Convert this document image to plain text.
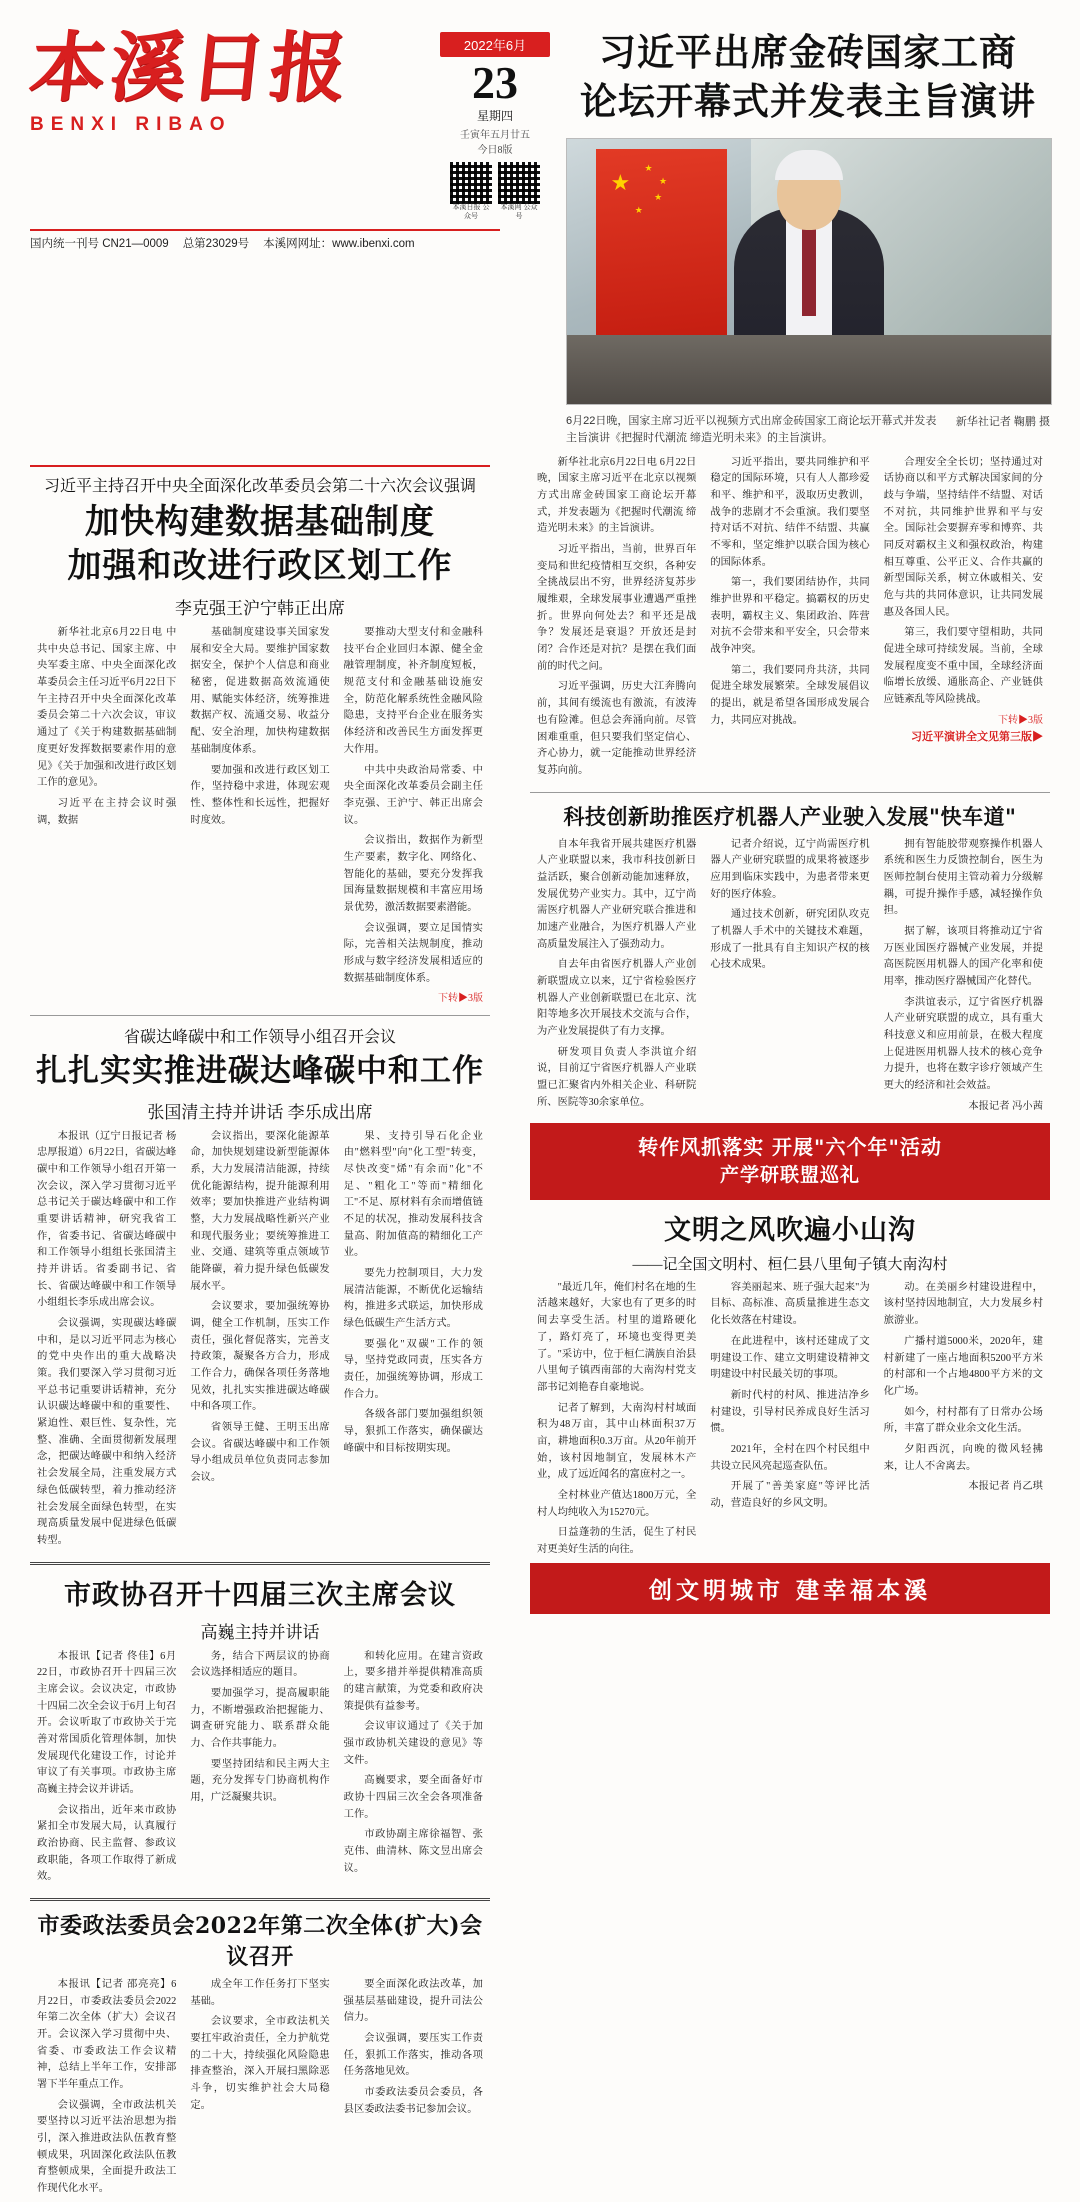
本溪日报
BENXI RIBAO
2022年6月
23
星期四
壬寅年五月廿五
今日8版
本溪日报 公众号
本溪网 公众号
国内统一刊号 CN21—0009 总第23029号 本溪网网址：www.ibenxi.com
习近平出席金砖国家工商
论坛开幕式并发表主旨演讲
★
★
★
★
★
6月22日晚，国家主席习近平以视频方式出席金砖国家工商论坛开幕式并发表主旨演讲《把握时代潮流 缔造光明未来》的主旨演讲。
新华社记者 鞠鹏 摄
习近平主持召开中央全面深化改革委员会第二十六次会议强调
加快构建数据基础制度
加强和改进行政区划工作
李克强王沪宁韩正出席

新华社北京6月22日电 中共中央总书记、国家主席、中央军委主席、中央全面深化改革委员会主任习近平6月22日下午主持召开中央全面深化改革委员会第二十六次会议，审议通过了《关于构建数据基础制度更好发挥数据要素作用的意见》《关于加强和改进行政区划工作的意见》。

习近平在主持会议时强调，数据

基础制度建设事关国家发展和安全大局。要维护国家数据安全，保护个人信息和商业秘密，促进数据高效流通使用、赋能实体经济，统筹推进数据产权、流通交易、收益分配、安全治理，加快构建数据基础制度体系。

要加强和改进行政区划工作，坚持稳中求进，体现宏观性、整体性和长远性，把握好时度效。

要推动大型支付和金融科技平台企业回归本源、健全金融管理制度，补齐制度短板，规范支付和金融基础设施安全，防范化解系统性金融风险隐患，支持平台企业在服务实体经济和改善民生方面发挥更大作用。

中共中央政治局常委、中央全面深化改革委员会副主任李克强、王沪宁、韩正出席会议。

会议指出，数据作为新型生产要素，数字化、网络化、智能化的基础，要充分发挥我国海量数据规模和丰富应用场景优势，激活数据要素潜能。

会议强调，要立足国情实际，完善相关法规制度，推动形成与数字经济发展相适应的数据基础制度体系。

下转▶3版
省碳达峰碳中和工作领导小组召开会议
扎扎实实推进碳达峰碳中和工作
张国清主持并讲话 李乐成出席

本报讯（辽宁日报记者 杨忠厚报道）6月22日，省碳达峰碳中和工作领导小组召开第一次会议，深入学习贯彻习近平总书记关于碳达峰碳中和工作重要讲话精神，研究我省工作，省委书记、省碳达峰碳中和工作领导小组组长张国清主持并讲话。省委副书记、省长、省碳达峰碳中和工作领导小组组长李乐成出席会议。

会议强调，实现碳达峰碳中和，是以习近平同志为核心的党中央作出的重大战略决策。我们要深入学习贯彻习近平总书记重要讲话精神，充分认识碳达峰碳中和的重要性、紧迫性、艰巨性、复杂性，完整、准确、全面贯彻新发展理念，把碳达峰碳中和纳入经济社会发展全局，注重发展方式绿色低碳转型，着力推动经济社会发展全面绿色转型，在实现高质量发展中促进绿色低碳转型。

会议指出，要深化能源革命，加快规划建设新型能源体系，大力发展清洁能源，持续优化能源结构，提升能源利用效率；要加快推进产业结构调整，大力发展战略性新兴产业和现代服务业；要统筹推进工业、交通、建筑等重点领域节能降碳，着力提升绿色低碳发展水平。

会议要求，要加强统筹协调，健全工作机制，压实工作责任，强化督促落实，完善支持政策，凝聚各方合力，形成工作合力，确保各项任务落地见效，扎扎实实推进碳达峰碳中和各项工作。

省领导王健、王明玉出席会议。省碳达峰碳中和工作领导小组成员单位负责同志参加会议。

果、支持引导石化企业由"燃料型"向"化工型"转变，尽快改变"烯"有余而"化"不足、"粗化工"等而"精细化工"不足、原材料有余而增值链不足的状况，推动发展科技含量高、附加值高的精细化工产业。

要先力控制项目，大力发展清洁能源，不断优化运输结构，推进多式联运，加快形成绿色低碳生产生活方式。

要强化"双碳"工作的领导，坚持党政同责，压实各方责任，加强统筹协调，形成工作合力。

各级各部门要加强组织领导，狠抓工作落实，确保碳达峰碳中和目标按期实现。

市政协召开十四届三次主席会议
高巍主持并讲话

本报讯【记者 佟佳】6月22日，市政协召开十四届三次主席会议。会议决定，市政协十四届二次全会议于6月上旬召开。会议听取了市政协关于完善对常国质化管理体制，加快发展现代化建设工作，讨论并审议了有关事项。市政协主席高巍主持会议并讲话。

会议指出，近年来市政协紧扣全市发展大局，认真履行政治协商、民主监督、参政议政职能，各项工作取得了新成效。

务，结合下两层议的协商会议选择相适应的题目。

要加强学习，提高履职能力，不断增强政治把握能力、调查研究能力、联系群众能力、合作共事能力。

要坚持团结和民主两大主题，充分发挥专门协商机构作用，广泛凝聚共识。

和转化应用。在建言资政上，要多措并举提供精准高质的建言献策，为党委和政府决策提供有益参考。

会议审议通过了《关于加强市政协机关建设的意见》等文件。

高巍要求，要全面备好市政协十四届三次全会各项准备工作。

市政协副主席徐福智、张克伟、曲清林、陈文昱出席会议。

市委政法委员会2022年第二次全体(扩大)会议召开

本报讯【记者 邵亮亮】6月22日，市委政法委员会2022年第二次全体（扩大）会议召开。会议深入学习贯彻中央、省委、市委政法工作会议精神，总结上半年工作，安排部署下半年重点工作。

会议强调，全市政法机关要坚持以习近平法治思想为指引，深入推进政法队伍教育整顿成果，巩固深化政法队伍教育整顿成果，全面提升政法工作现代化水平。

成全年工作任务打下坚实基础。

会议要求，全市政法机关要扛牢政治责任，全力护航党的二十大，持续强化风险隐患排查整治，深入开展扫黑除恶斗争，切实维护社会大局稳定。

要全面深化政法改革，加强基层基础建设，提升司法公信力。

会议强调，要压实工作责任，狠抓工作落实，推动各项任务落地见效。

市委政法委员会委员，各县区委政法委书记参加会议。

新华社北京6月22日电 6月22日晚，国家主席习近平在北京以视频方式出席金砖国家工商论坛开幕式，并发表题为《把握时代潮流 缔造光明未来》的主旨演讲。

习近平指出，当前，世界百年变局和世纪疫情相互交织，各种安全挑战层出不穷，世界经济复苏步履维艰，全球发展事业遭遇严重挫折。世界向何处去？和平还是战争？发展还是衰退？开放还是封闭？合作还是对抗？是摆在我们面前的时代之问。

习近平强调，历史大江奔腾向前，其间有缓流也有激流，有波涛也有险滩。但总会奔涌向前。尽管困难重重，但只要我们坚定信心、齐心协力，就一定能推动世界经济复苏向前。

习近平指出，要共同维护和平稳定的国际环境，只有人人都珍爱和平、维护和平，汲取历史教训，战争的悲剧才不会重演。我们要坚持对话不对抗、结伴不结盟、共赢不零和，坚定维护以联合国为核心的国际体系。

第一，我们要团结协作，共同维护世界和平稳定。搞霸权的历史表明，霸权主义、集团政治、阵营对抗不会带来和平安全，只会带来战争冲突。

第二，我们要同舟共济，共同促进全球发展繁荣。全球发展倡议的提出，就是希望各国形成发展合力，共同应对挑战。

合理安全全长切；坚持通过对话协商以和平方式解决国家间的分歧与争端，坚持结伴不结盟、对话不对抗，共同维护世界和平与安全。国际社会要摒弃零和博弈、共同反对霸权主义和强权政治，构建相互尊重、公平正义、合作共赢的新型国际关系，树立休戚相关、安危与共的共同体意识，让共同发展惠及各国人民。

第三，我们要守望相助，共同促进全球可持续发展。当前，全球发展程度变不重中国，全球经济面临增长放缓、通胀高企、产业链供应链紊乱等风险挑战。

下转▶3版
习近平演讲全文见第三版▶
科技创新助推医疗机器人产业驶入发展"快车道"

自本年我省开展共建医疗机器人产业联盟以来，我市科技创新日益活跃，聚合创新动能加速释放，发展优势产业实力。其中，辽宁尚需医疗机器人产业研究联合推进和加速产业融合，为医疗机器人产业高质量发展注入了强劲动力。

自去年由省医疗机器人产业创新联盟成立以来，辽宁省检验医疗机器人产业创新联盟已在北京、沈阳等地多次开展技术交流与合作，为产业发展提供了有力支撑。

研发项目负责人李洪谊介绍说，目前辽宁省医疗机器人产业联盟已汇聚省内外相关企业、科研院所、医院等30余家单位。

记者介绍说，辽宁尚需医疗机器人产业研究联盟的成果将被逐步应用到临床实践中，为患者带来更好的医疗体验。

通过技术创新，研究团队攻克了机器人手术中的关键技术难题，形成了一批具有自主知识产权的核心技术成果。

拥有智能胶带观察操作机器人系统和医生力反馈控制台，医生为医师控制台使用主管动着力分级解耦，可提升操作手感，减轻操作负担。

据了解，该项目将推动辽宁省万医业国医疗器械产业发展，并提高医院医用机器人的国产化率和使用率，推动医疗器械国产化替代。

李洪谊表示，辽宁省医疗机器人产业研究联盟的成立，具有重大科技意义和应用前景，在极大程度上促进医用机器人技术的核心竞争力提升，也将在数字诊疗领域产生更大的经济和社会效益。

本报记者 冯小茜
转作风抓落实 开展"六个年"活动
产学研联盟巡礼
文明之风吹遍小山沟
——记全国文明村、桓仁县八里甸子镇大南沟村

"最近几年，俺们村名在地的生活越来越好，大家也有了更多的时间去享受生活。村里的道路硬化了，路灯亮了，环境也变得更美了。"采访中，位于桓仁满族自治县八里甸子镇西南部的大南沟村党支部书记刘艳春自豪地说。

记者了解到，大南沟村村域面积为48万亩，其中山林面积37万亩，耕地面积0.3万亩。从20年前开始，该村因地制宜，发展林木产业，成了远近闻名的富庶村之一。

全村林业产值达1800万元，全村人均纯收入为15270元。

日益蓬勃的生活，促生了村民对更美好生活的向往。

容美丽起来、班子强大起来"为目标、高标准、高质量推进生态文化长效落在村建设。

在此进程中，该村还建成了文明建设工作、建立文明建设精神文明建设中村民最关切的事项。

新时代村的村风、推进洁净乡村建设，引导村民养成良好生活习惯。

2021年，全村在四个村民组中共设立民风亮起巡查队伍。

开展了"善美家庭"等评比活动，营造良好的乡风文明。

动。在美丽乡村建设进程中，该村坚持因地制宜，大力发展乡村旅游业。

广播村道5000米，2020年，建村新建了一座占地面积5200平方米的村部和一个占地4800平方米的文化广场。

如今，村村都有了日常办公场所，丰富了群众业余文化生活。

夕阳西沉，向晚的微风轻拂来，让人不舍离去。

本报记者 肖乙琪
创文明城市 建幸福本溪
